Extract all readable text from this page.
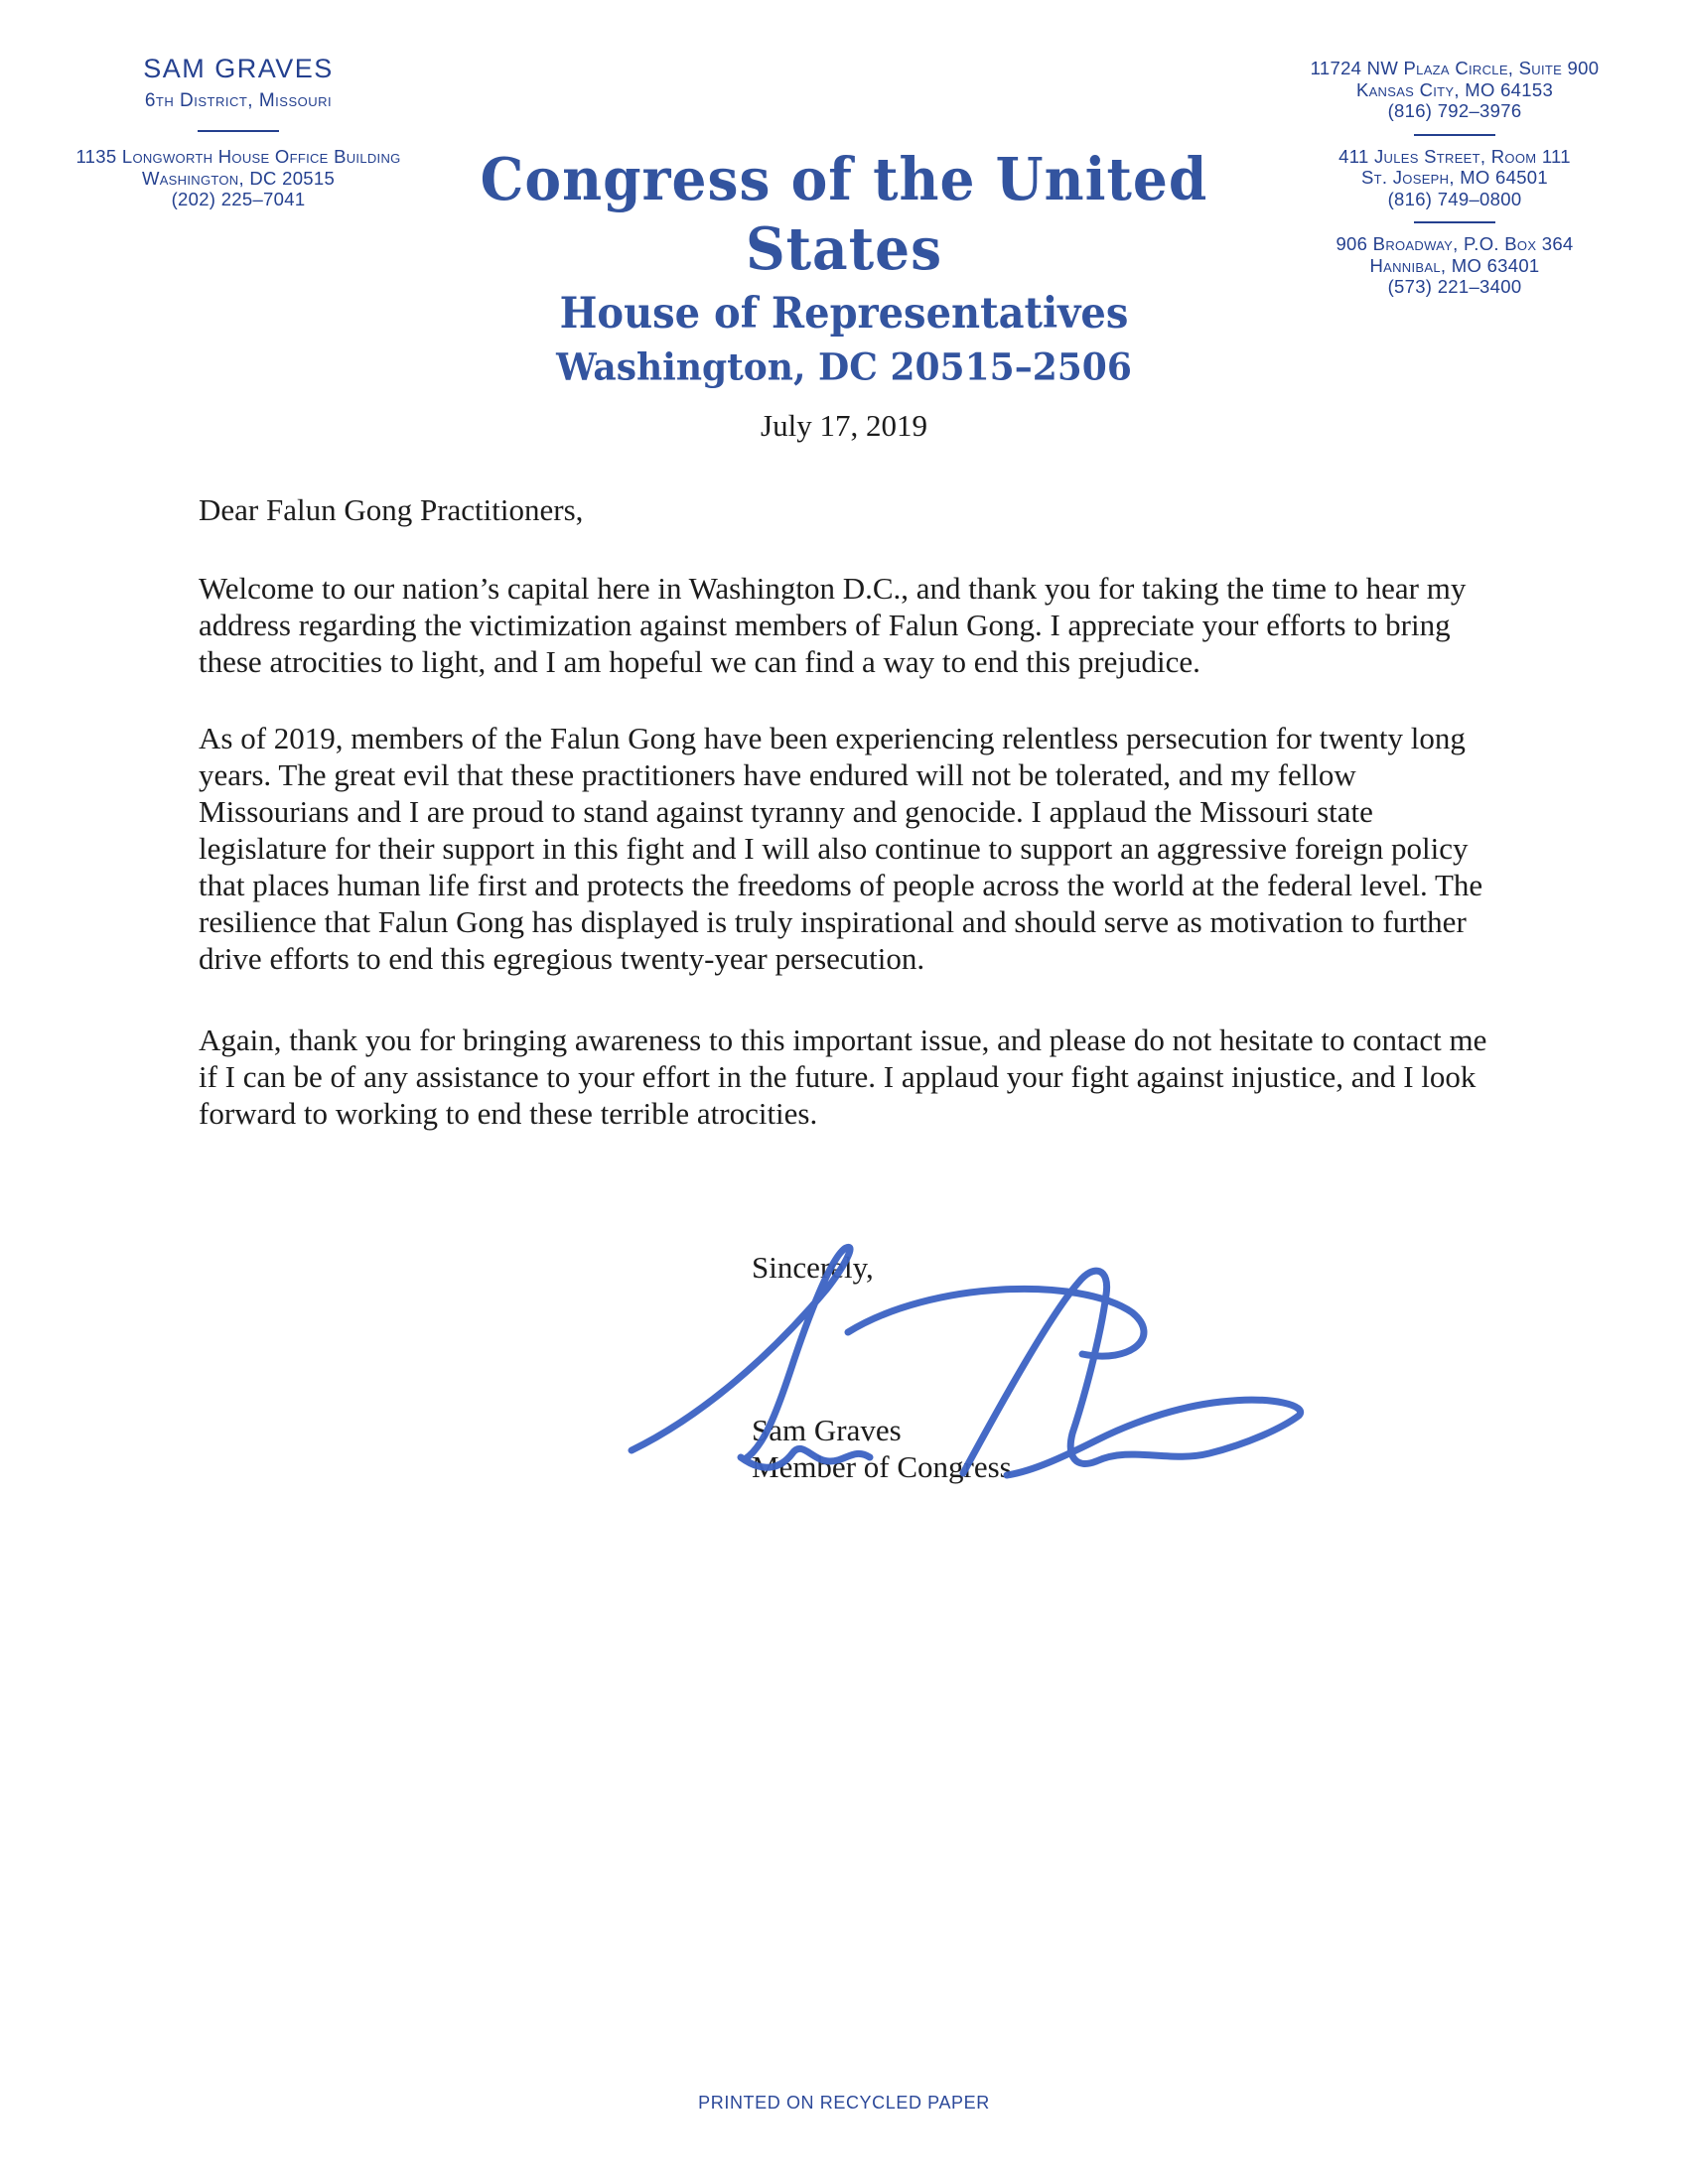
SAM GRAVES
6th District, Missouri
1135 Longworth House Office Building
Washington, DC 20515
(202) 225–7041	Congress of the United States
House of Representatives
Washington, DC 20515–2506
11724 NW Plaza Circle, Suite 900
Kansas City, MO 64153
(816) 792–3976
411 Jules Street, Room 111
St. Joseph, MO 64501
(816) 749–0800
906 Broadway, P.O. Box 364
Hannibal, MO 63401
(573) 221–3400
July 17, 2019
Dear Falun Gong Practitioners,

Welcome to our nation’s capital here in Washington D.C., and thank you for taking the time to hear my address regarding the victimization against members of Falun Gong. I appreciate your efforts to bring these atrocities to light, and I am hopeful we can find a way to end this prejudice.

As of 2019, members of the Falun Gong have been experiencing relentless persecution for twenty long years. The great evil that these practitioners have endured will not be tolerated, and my fellow Missourians and I are proud to stand against tyranny and genocide. I applaud the Missouri state legislature for their support in this fight and I will also continue to support an aggressive foreign policy that places human life first and protects the freedoms of people across the world at the federal level. The resilience that Falun Gong has displayed is truly inspirational and should serve as motivation to further drive efforts to end this egregious twenty-year persecution.

Again, thank you for bringing awareness to this important issue, and please do not hesitate to contact me if I can be of any assistance to your effort in the future. I applaud your fight against injustice, and I look forward to working to end these terrible atrocities.

Sincerely,
Sam Graves
Member of Congress
PRINTED ON RECYCLED PAPER
